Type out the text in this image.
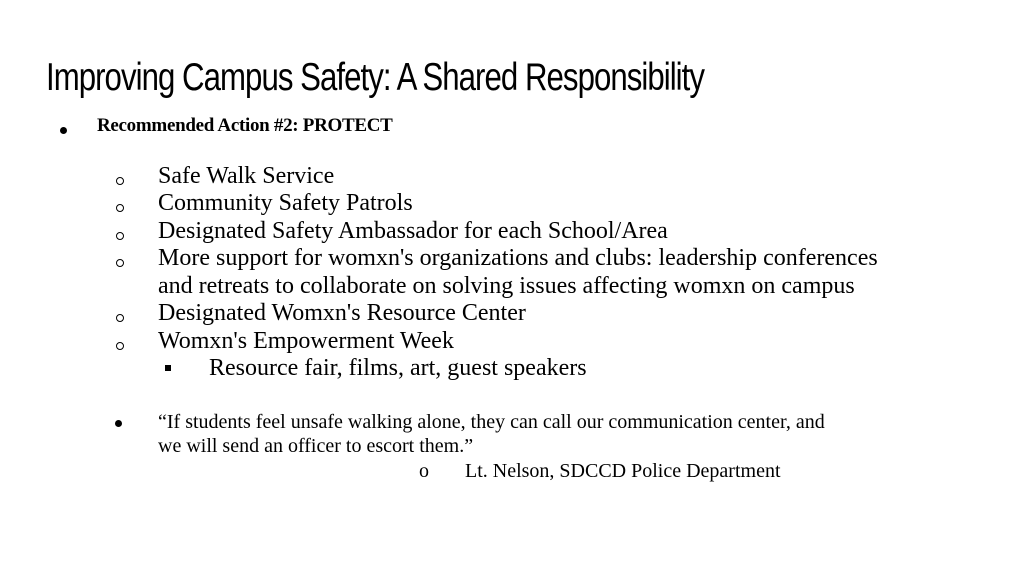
Improving Campus Safety: A Shared Responsibility
Recommended Action #2: PROTECT
Safe Walk Service
Community Safety Patrols
Designated Safety Ambassador for each School/Area
More support for womxn's organizations and clubs: leadership conferences
and retreats to collaborate on solving issues affecting womxn on campus
Designated Womxn's Resource Center
Womxn's Empowerment Week
Resource fair, films, art, guest speakers
“If students feel unsafe walking alone, they can call our communication center, and
we will send an officer to escort them.”
o Lt. Nelson, SDCCD Police Department
